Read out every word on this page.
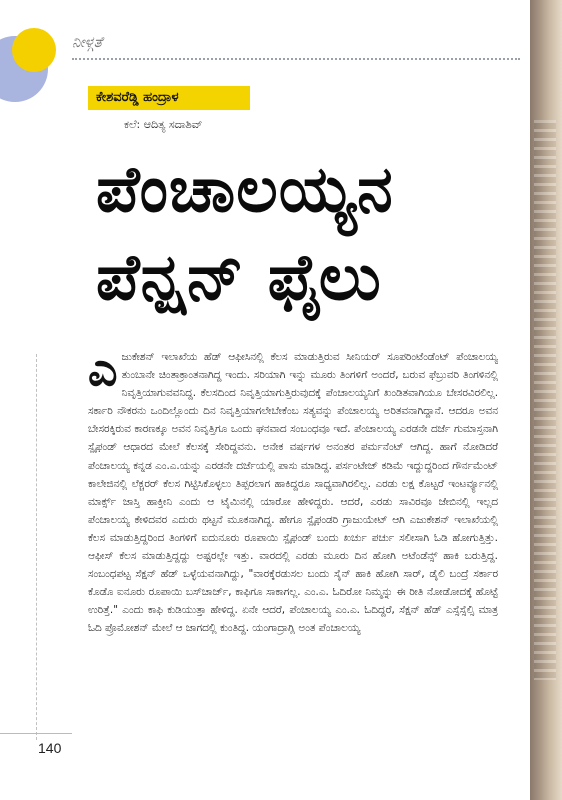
ನೀಳ್ಗತೆ
ಕೇಶವರೆಡ್ಡಿ ಹಂದ್ರಾಳ
ಕಲೆ: ಆದಿತ್ಯ ಸದಾಶಿವ್
ಪೆಂಚಾಲಯ್ಯನ
ಪೆನ್ಷನ್ ಫೈಲು
ಎ ಜುಕೇಶನ್ ಇಲಾಖೆಯ ಹೆಡ್ ಆಫೀಸಿನಲ್ಲಿ ಕೆಲಸ ಮಾಡುತ್ತಿರುವ ಸೀನಿಯರ್ ಸೂಪರಿಂಟೆಂಡೆಂಟ್ ಪೆಂಚಾಲಯ್ಯ ತುಂಬಾನೇ ಚಿಂತಾಕ್ರಾಂತನಾಗಿದ್ದ ಇಂದು. ಸರಿಯಾಗಿ ಇನ್ನು ಮೂರು ತಿಂಗಳಿಗೆ ಅಂದರೆ, ಬರುವ ಫೆಬ್ರುವರಿ ತಿಂಗಳಿನಲ್ಲಿ ನಿವೃತ್ತಿಯಾಗುವವನಿದ್ದ. ಕೆಲಸದಿಂದ ನಿವೃತ್ತಿಯಾಗುತ್ತಿರುವುದಕ್ಕೆ ಪೆಂಚಾಲಯ್ಯನಿಗೆ ಖಂಡಿತವಾಗಿಯೂ ಬೇಸರವಿರಲಿಲ್ಲ. ಸರ್ಕಾರಿ ನೌಕರನು ಒಂದಿಲ್ಲೊಂದು ದಿನ ನಿವೃತ್ತಿಯಾಗಲೇಬೇಕೆಂಬ ಸತ್ಯವನ್ನು ಪೆಂಚಾಲಯ್ಯ ಅರಿತವನಾಗಿದ್ದಾನೆ. ಆದರೂ ಅವನ ಬೇಸರಕ್ಕಿರುವ ಕಾರಣಕ್ಕೂ ಅವನ ನಿವೃತ್ತಿಗೂ ಒಂದು ಘನವಾದ ಸಂಬಂಧವೂ ಇದೆ. ಪೆಂಚಾಲಯ್ಯ ಎರಡನೇ ದರ್ಜೆ ಗುಮಾಸ್ತನಾಗಿ ಸ್ಪೈಫಂಡ್ ಆಧಾರದ ಮೇಲೆ ಕೆಲಸಕ್ಕೆ ಸೇರಿದ್ದವನು. ಅನೇಕ ವರ್ಷಗಳ ಅನಂತರ ಪರ್ಮನೆಂಟ್ ಆಗಿದ್ದ. ಹಾಗೆ ನೋಡಿದರೆ ಪೆಂಚಾಲಯ್ಯ ಕನ್ನಡ ಎಂ.ಎ.ಯನ್ನು ಎರಡನೇ ದರ್ಜೆಯಲ್ಲಿ ಪಾಸು ಮಾಡಿದ್ದ. ಪರ್ಸಂಟೇಜ್ ಕಡಿಮೆ ಇದ್ದುದ್ದರಿಂದ ಗೌರ್ನಮೆಂಟ್ ಕಾಲೇಜಿನಲ್ಲಿ ಲೆಕ್ಚರರ್ ಕೆಲಸ ಗಿಟ್ಟಿಸಿಕೊಳ್ಳಲು ತಿಪ್ಪರಲಾಗ ಹಾಕಿದ್ದರೂ ಸಾಧ್ಯವಾಗಿರಲಿಲ್ಲ. ಎರಡು ಲಕ್ಷ ಕೊಟ್ಟರೆ ಇಂಟರ್ವ್ಯೂನಲ್ಲಿ ಮಾರ್ಕ್ಸ್ ಜಾಸ್ತಿ ಹಾಕ್ತೀನಿ ಎಂದು ಆ ಟೈಮಿನಲ್ಲಿ ಯಾರೋ ಹೇಳಿದ್ದರು. ಆದರೆ, ಎರಡು ಸಾವಿರವೂ ಜೇಬಿನಲ್ಲಿ ಇಲ್ಲದ ಪೆಂಚಾಲಯ್ಯ ಕೇಳಿದವರ ಎದುರು ಥಟ್ಟನೆ ಮೂಕನಾಗಿದ್ದ. ಹೇಗೂ ಸ್ಪೈಫಂಡರಿ ಗ್ರಾಜುಯೇಟ್ ಆಗಿ ಎಜುಕೇಶನ್ ಇಲಾಖೆಯಲ್ಲಿ ಕೆಲಸ ಮಾಡುತ್ತಿದ್ದರಿಂದ ತಿಂಗಳಿಗೆ ಐದುನೂರು ರೂಪಾಯಿ ಸ್ಪೈಫಂಡ್ ಬಂದು ಖರ್ಚು ಪರ್ಚು ಸಲೀಸಾಗಿ ಓಡಿ ಹೋಗುತ್ತಿತ್ತು. ಆಫೀಸ್ ಕೆಲಸ ಮಾಡುತ್ತಿದ್ದದ್ದು ಅಷ್ಟರಲ್ಲೇ ಇತ್ತು. ವಾರದಲ್ಲಿ ಎರಡು ಮೂರು ದಿನ ಹೋಗಿ ಅಟೆಂಡೆನ್ಸ್ ಹಾಕಿ ಬರುತ್ತಿದ್ದ. ಸಂಬಂಧಪಟ್ಟ ಸೆಕ್ಷನ್ ಹೆಡ್ ಒಳ್ಳೆಯವನಾಗಿದ್ದು, "ವಾರಕ್ಕೆರಡುಸಲ ಬಂದು ಸೈನ್ ಹಾಕಿ ಹೋಗಿ ಸಾರ್, ಡೈಲಿ ಬಂದ್ರೆ ಸರ್ಕಾರ ಕೊಡೊ ಐನೂರು ರೂಪಾಯಿ ಬಸ್‌ಚಾರ್ಜ್, ಕಾಫಿಗೂ ಸಾಕಾಗಲ್ಲ. ಎಂ.ಎ. ಓದಿರೋ ನಿಮ್ಮನ್ನು ಈ ರೀತಿ ನೋಡೋದಕ್ಕೆ ಹೊಟ್ಟೆ ಉರಿತ್ತೆ." ಎಂದು ಕಾಫಿ ಕುಡಿಯುತ್ತಾ ಹೇಳಿದ್ದ. ಏನೇ ಆದರೆ, ಪೆಂಚಾಲಯ್ಯ ಎಂ.ಎ. ಓದಿದ್ದರೆ, ಸೆಕ್ಷನ್ ಹೆಡ್ ಎಸ್ಸೆಸ್ಸೆಲ್ಸಿ ಮಾತ್ರ ಓದಿ ಪ್ರೊಮೋಶನ್ ಮೇಲೆ ಆ ಜಾಗದಲ್ಲಿ ಕುಂತಿದ್ದ. ಯಂಗಾದ್ರಾಗ್ಲಿ ಅಂತ ಪೆಂಚಾಲಯ್ಯ
140
